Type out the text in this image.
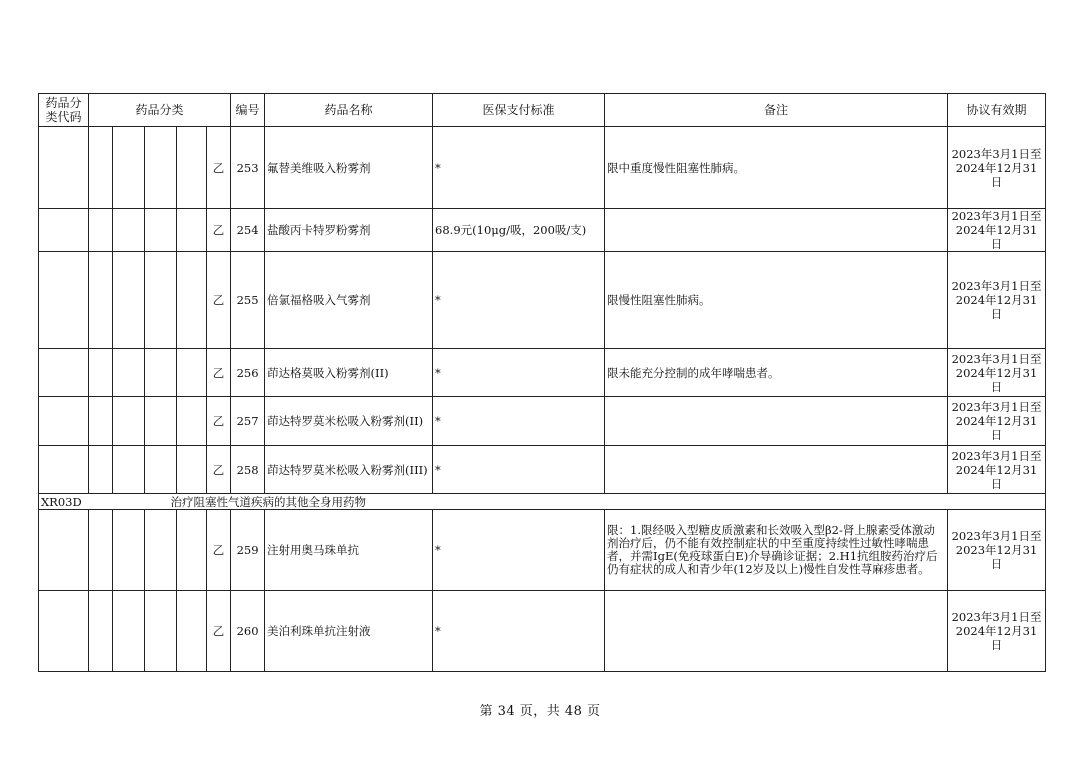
药品分类代码	药品分类					编号	药品名称	医保支付标准	备注	协议有效期
					乙	253	氟替美维吸入粉雾剂	*	限中重度慢性阻塞性肺病。	2023年3月1日至
2024年12月31日

					乙	254	盐酸丙卡特罗粉雾剂	68.9元(10μg/吸，200吸/支)		2023年3月1日至
2024年12月31日

					乙	255	倍氯福格吸入气雾剂	*	限慢性阻塞性肺病。	2023年3月1日至
2024年12月31日

					乙	256	茚达格莫吸入粉雾剂(II)	*	限未能充分控制的成年哮喘患者。	2023年3月1日至
2024年12月31日

					乙	257	茚达特罗莫米松吸入粉雾剂(II)	*		2023年3月1日至
2024年12月31日

					乙	258	茚达特罗莫米松吸入粉雾剂(III)	*		2023年3月1日至
2024年12月31日

XR03D	治疗阻塞性气道疾病的其他全身用药物									
					乙	259	注射用奥马珠单抗	*	限：1.限经吸入型糖皮质激素和长效吸入型β2-肾上腺素受体激动剂治疗后，仍不能有效控制症状的中至重度持续性过敏性哮喘患者，并需IgE(免疫球蛋白E)介导确诊证据；2.H1抗组胺药治疗后仍有症状的成人和青少年(12岁及以上)慢性自发性荨麻疹患者。	2023年3月1日至
2023年12月31日

					乙	260	美泊利珠单抗注射液	*		2023年3月1日至
2024年12月31日
第 34 页，共 48 页
